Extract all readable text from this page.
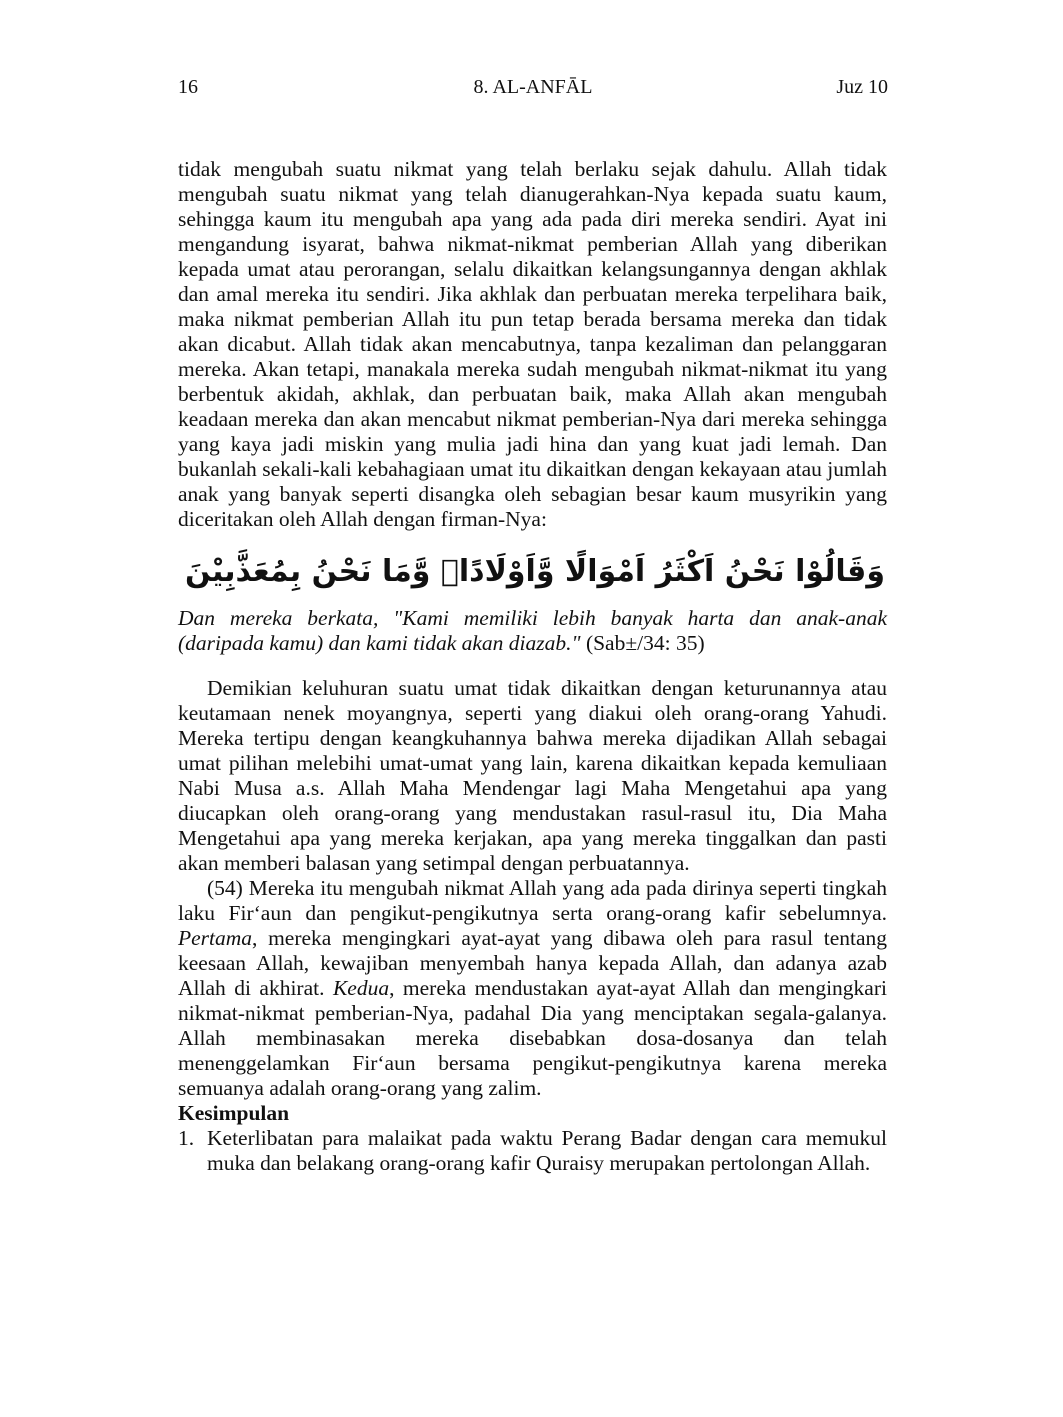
16	8. AL-ANFĀL	Juz 10

tidak mengubah suatu nikmat yang telah berlaku sejak dahulu. Allah tidak mengubah suatu nikmat yang telah dianugerahkan-Nya kepada suatu kaum, sehingga kaum itu mengubah apa yang ada pada diri mereka sendiri. Ayat ini mengandung isyarat, bahwa nikmat-nikmat pemberian Allah yang diberikan kepada umat atau perorangan, selalu dikaitkan kelangsungannya dengan akhlak dan amal mereka itu sendiri. Jika akhlak dan perbuatan mereka terpelihara baik, maka nikmat pemberian Allah itu pun tetap berada bersama mereka dan tidak akan dicabut. Allah tidak akan mencabutnya, tanpa kezaliman dan pelanggaran mereka. Akan tetapi, manakala mereka sudah mengubah nikmat-nikmat itu yang berbentuk akidah, akhlak, dan perbuatan baik, maka Allah akan mengubah keadaan mereka dan akan mencabut nikmat pemberian-Nya dari mereka sehingga yang kaya jadi miskin yang mulia jadi hina dan yang kuat jadi lemah. Dan bukanlah sekali-kali kebahagiaan umat itu dikaitkan dengan kekayaan atau jumlah anak yang banyak seperti disangka oleh sebagian besar kaum musyrikin yang diceritakan oleh Allah dengan firman-Nya:

وَقَالُوْا نَحْنُ اَكْثَرُ اَمْوَالًا وَّاَوْلَادًاۙ وَّمَا نَحْنُ بِمُعَذَّبِيْنَ

Dan mereka berkata, "Kami memiliki lebih banyak harta dan anak-anak (daripada kamu) dan kami tidak akan diazab." (Sab±/34: 35)

Demikian keluhuran suatu umat tidak dikaitkan dengan keturunannya atau keutamaan nenek moyangnya, seperti yang diakui oleh orang-orang Yahudi. Mereka tertipu dengan keangkuhannya bahwa mereka dijadikan Allah sebagai umat pilihan melebihi umat-umat yang lain, karena dikaitkan kepada kemuliaan Nabi Musa a.s. Allah Maha Mendengar lagi Maha Mengetahui apa yang diucapkan oleh orang-orang yang mendustakan rasul-rasul itu, Dia Maha Mengetahui apa yang mereka kerjakan, apa yang mereka tinggalkan dan pasti akan memberi balasan yang setimpal dengan perbuatannya.

(54) Mereka itu mengubah nikmat Allah yang ada pada dirinya seperti tingkah laku Fir‘aun dan pengikut-pengikutnya serta orang-orang kafir sebelumnya. Pertama, mereka mengingkari ayat-ayat yang dibawa oleh para rasul tentang keesaan Allah, kewajiban menyembah hanya kepada Allah, dan adanya azab Allah di akhirat. Kedua, mereka mendustakan ayat-ayat Allah dan mengingkari nikmat-nikmat pemberian-Nya, padahal Dia yang menciptakan segala-galanya. Allah membinasakan mereka disebabkan dosa-dosanya dan telah menenggelamkan Fir‘aun bersama pengikut-pengikutnya karena mereka semuanya adalah orang-orang yang zalim.

Kesimpulan

1. Keterlibatan para malaikat pada waktu Perang Badar dengan cara memukul muka dan belakang orang-orang kafir Quraisy merupakan pertolongan Allah.
